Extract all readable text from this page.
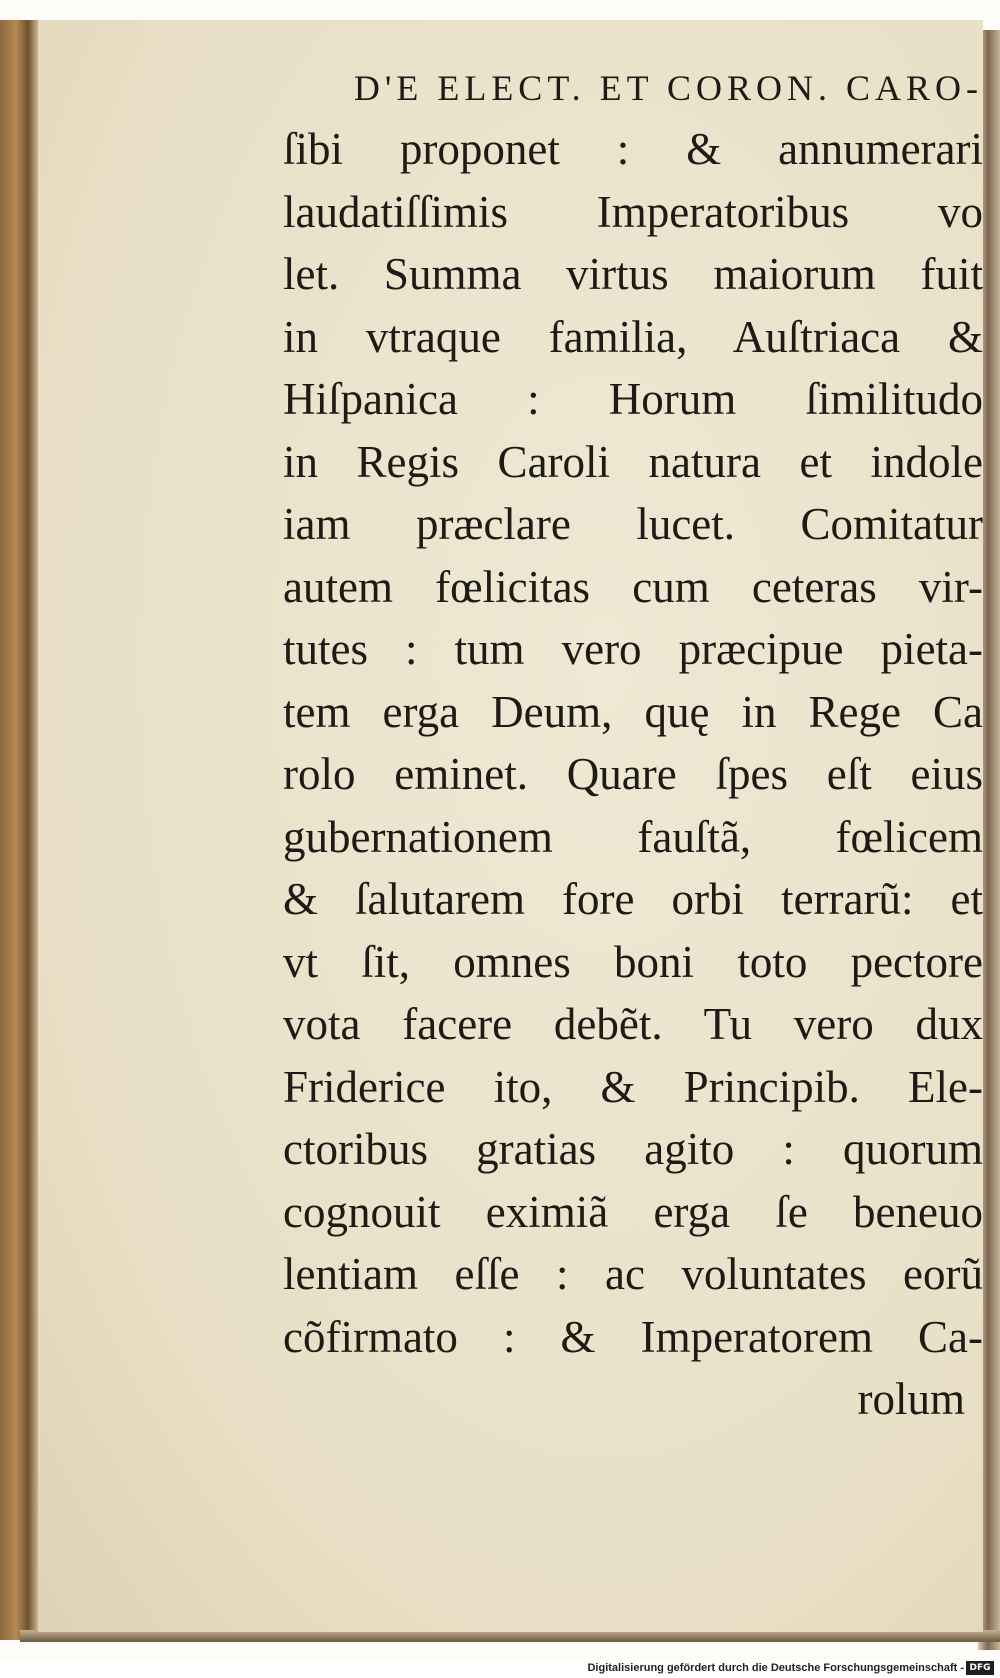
D'E ELECT. ET CORON. CARO-
ſibi proponet : & annumerari
laudatiſſimis Imperatoribus vo
let. Summa virtus maiorum fuit
in vtraque familia, Auſtriaca &
Hiſpanica : Horum ſimilitudo
in Regis Caroli natura et indole
iam præclare lucet. Comitatur
autem fœlicitas cum ceteras vir-
tutes : tum vero præcipue pieta-
tem erga Deum, quę in Rege Ca
rolo eminet. Quare ſpes eſt eius
gubernationem fauſtã, fœlicem
& ſalutarem fore orbi terrarũ: et
vt ſit, omnes boni toto pectore
vota facere debẽt. Tu vero dux
Friderice ito, & Principib. Ele-
ctoribus gratias agito : quorum
cognouit eximiã erga ſe beneuo
lentiam eſſe : ac voluntates eorũ
cõfirmato : & Imperatorem Ca-
rolum
Digitalisierung gefördert durch die Deutsche Forschungsgemeinschaft - DFG
